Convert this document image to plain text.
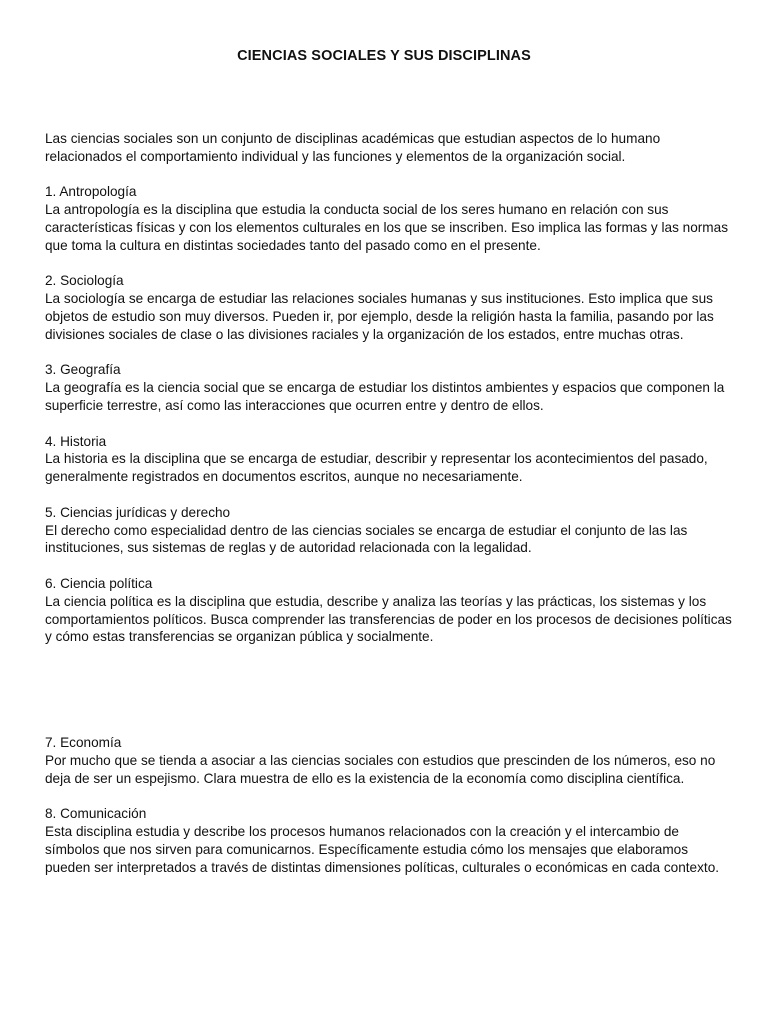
CIENCIAS SOCIALES Y SUS DISCIPLINAS
Las ciencias sociales son un conjunto de disciplinas académicas que estudian aspectos de lo humano relacionados el comportamiento individual y las funciones y elementos de la organización social.
1. Antropología
La antropología es la disciplina que estudia la conducta social de los seres humano en relación con sus características físicas y con los elementos culturales en los que se inscriben. Eso implica las formas y las normas que toma la cultura en distintas sociedades tanto del pasado como en el presente.
2. Sociología
La sociología se encarga de estudiar las relaciones sociales humanas y sus instituciones. Esto implica que sus objetos de estudio son muy diversos. Pueden ir, por ejemplo, desde la religión hasta la familia, pasando por las divisiones sociales de clase o las divisiones raciales y la organización de los estados, entre muchas otras.
3. Geografía
La geografía es la ciencia social que se encarga de estudiar los distintos ambientes y espacios que componen la superficie terrestre, así como las interacciones que ocurren entre y dentro de ellos.
4. Historia
La historia es la disciplina que se encarga de estudiar, describir y representar los acontecimientos del pasado, generalmente registrados en documentos escritos, aunque no necesariamente.
5. Ciencias jurídicas y derecho
El derecho como especialidad dentro de las ciencias sociales se encarga de estudiar el conjunto de las las instituciones, sus sistemas de reglas y de autoridad relacionada con la legalidad.
6. Ciencia política
La ciencia política es la disciplina que estudia, describe y analiza las teorías y las prácticas, los sistemas y los comportamientos políticos. Busca comprender las transferencias de poder en los procesos de decisiones políticas y cómo estas transferencias se organizan pública y socialmente.
7. Economía
Por mucho que se tienda a asociar a las ciencias sociales con estudios que prescinden de los números, eso no deja de ser un espejismo. Clara muestra de ello es la existencia de la economía como disciplina científica.
8. Comunicación
Esta disciplina estudia y describe los procesos humanos relacionados con la creación y el intercambio de símbolos que nos sirven para comunicarnos. Específicamente estudia cómo los mensajes que elaboramos pueden ser interpretados a través de distintas dimensiones políticas, culturales o económicas en cada contexto.
